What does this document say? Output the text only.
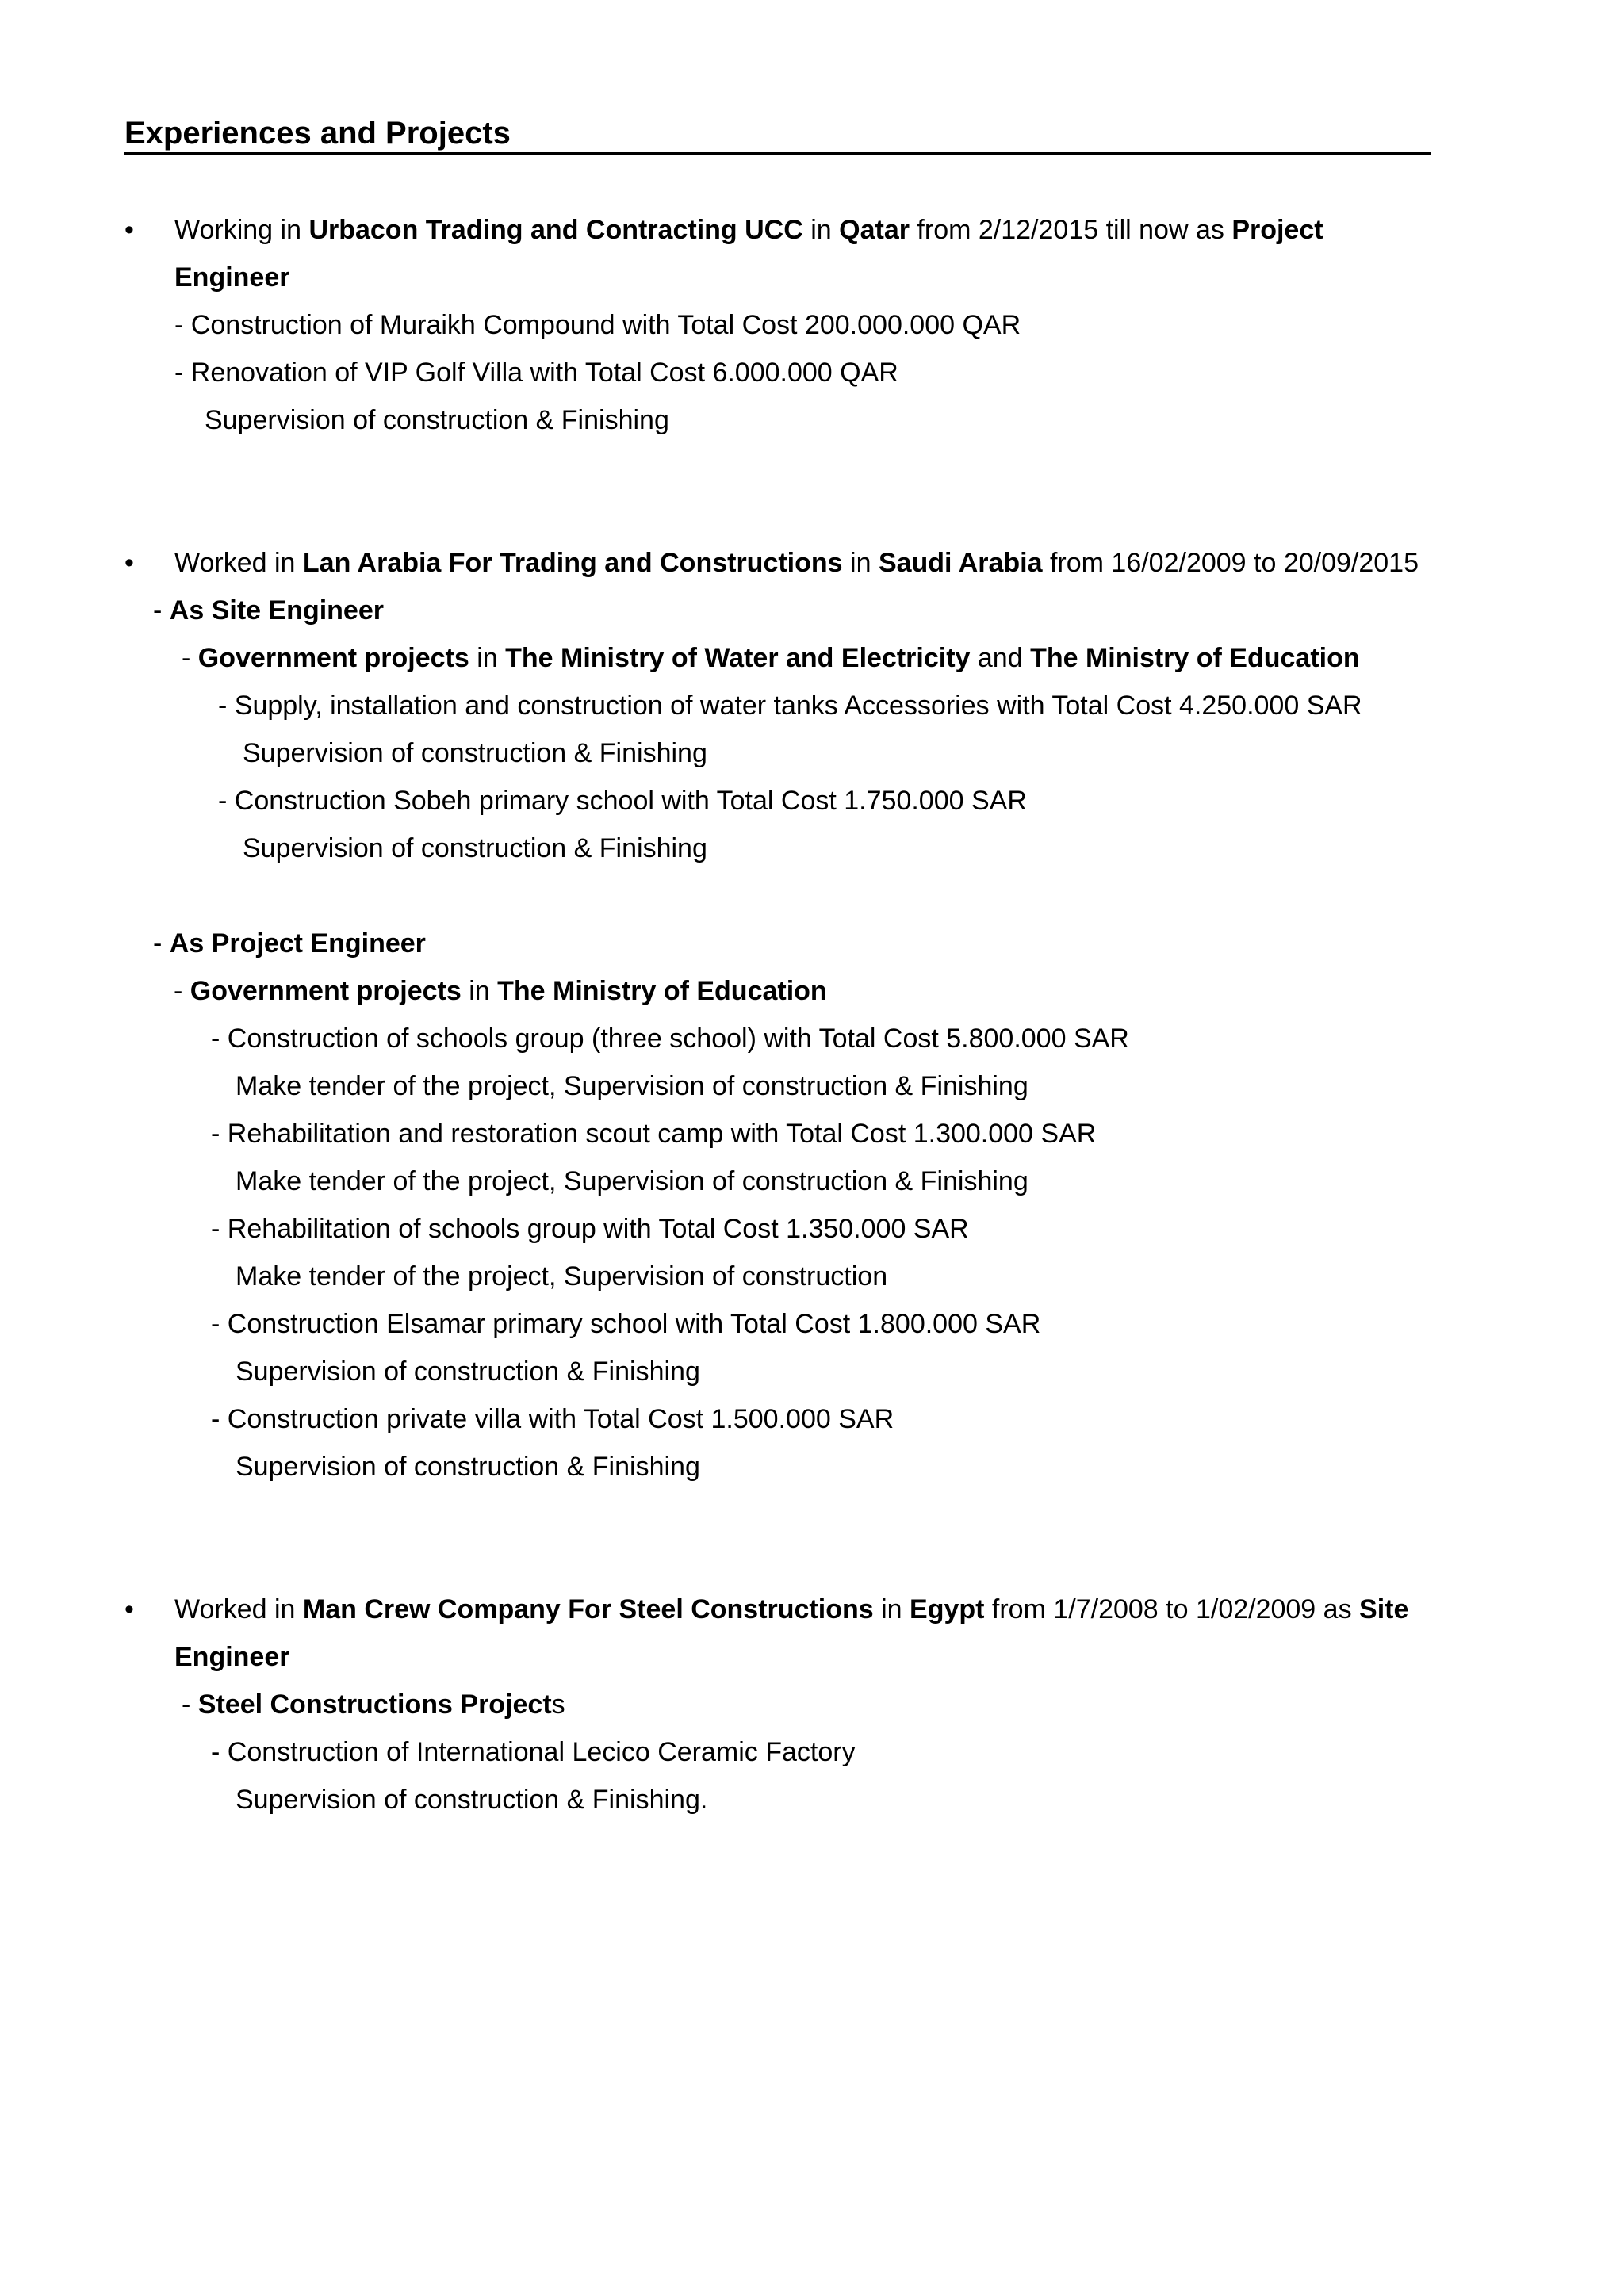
Experiences and Projects
• Working in Urbacon Trading and Contracting UCC in Qatar from 2/12/2015 till now as Project
Engineer
- Construction of Muraikh Compound with Total Cost 200.000.000 QAR
- Renovation of VIP Golf Villa with Total Cost 6.000.000 QAR
Supervision of construction & Finishing
• Worked in Lan Arabia For Trading and Constructions in Saudi Arabia from 16/02/2009 to 20/09/2015
- As Site Engineer
- Government projects in The Ministry of Water and Electricity and The Ministry of Education
- Supply, installation and construction of water tanks Accessories with Total Cost 4.250.000 SAR
Supervision of construction & Finishing
- Construction Sobeh primary school with Total Cost 1.750.000 SAR
Supervision of construction & Finishing
- As Project Engineer
- Government projects in The Ministry of Education
- Construction of schools group (three school) with Total Cost 5.800.000 SAR
Make tender of the project, Supervision of construction & Finishing
- Rehabilitation and restoration scout camp with Total Cost 1.300.000 SAR
Make tender of the project, Supervision of construction & Finishing
- Rehabilitation of schools group with Total Cost 1.350.000 SAR
Make tender of the project, Supervision of construction
- Construction Elsamar primary school with Total Cost 1.800.000 SAR
Supervision of construction & Finishing
- Construction private villa with Total Cost 1.500.000 SAR
Supervision of construction & Finishing
• Worked in Man Crew Company For Steel Constructions in Egypt from 1/7/2008 to 1/02/2009 as Site
Engineer
- Steel Constructions Projects
- Construction of International Lecico Ceramic Factory
Supervision of construction & Finishing.
